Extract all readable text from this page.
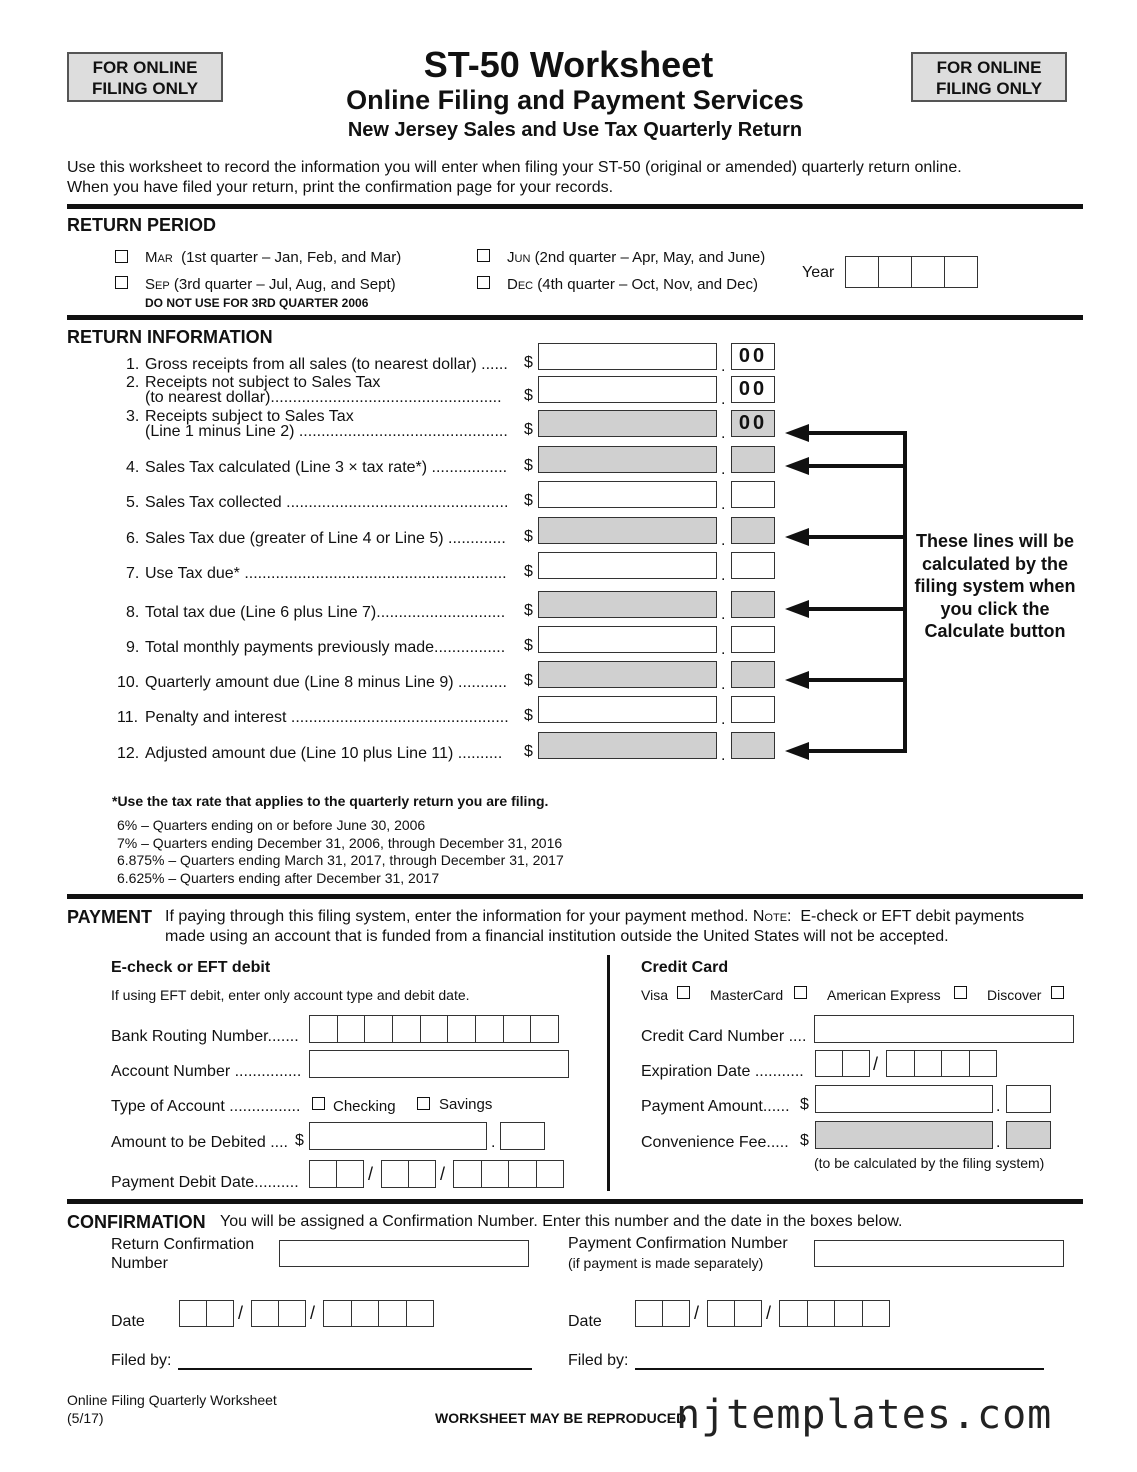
FOR ONLINE FILING ONLY
FOR ONLINE FILING ONLY
ST-50 Worksheet
Online Filing and Payment Services
New Jersey Sales and Use Tax Quarterly Return
Use this worksheet to record the information you will enter when filing your ST-50 (original or amended) quarterly return online.
When you have filed your return, print the confirmation page for your records.
RETURN PERIOD
Mar (1st quarter – Jan, Feb, and Mar)
Sep (3rd quarter – Jul, Aug, and Sept)
DO NOT USE FOR 3RD QUARTER 2006
Jun (2nd quarter – Apr, May, and June)
Dec (4th quarter – Oct, Nov, and Dec)
Year
RETURN INFORMATION
1. Gross receipts from all sales (to nearest dollar) ...... $	. 00
2. Receipts not subject to Sales Tax
(to nearest dollar).................................................... $	. 00
3. Receipts subject to Sales Tax
(Line 1 minus Line 2) ............................................... $	. 00
4. Sales Tax calculated (Line 3 × tax rate*) ................. $	.
5. Sales Tax collected .................................................. $	.
6. Sales Tax due (greater of Line 4 or Line 5) ............. $	.
7. Use Tax due* ........................................................... $	.
8. Total tax due (Line 6 plus Line 7)............................. $	.
9. Total monthly payments previously made................ $	.
10. Quarterly amount due (Line 8 minus Line 9) ........... $	.
11. Penalty and interest ................................................. $	.
12. Adjusted amount due (Line 10 plus Line 11) .......... $	.
These lines will be calculated by the filing system when you click the Calculate button
*Use the tax rate that applies to the quarterly return you are filing.
6% – Quarters ending on or before June 30, 2006
7% – Quarters ending December 31, 2006, through December 31, 2016
6.875% – Quarters ending March 31, 2017, through December 31, 2017
6.625% – Quarters ending after December 31, 2017
PAYMENT If paying through this filing system, enter the information for your payment method. Note: E-check or EFT debit payments
made using an account that is funded from a financial institution outside the United States will not be accepted.
E-check or EFT debit
If using EFT debit, enter only account type and debit date.
Bank Routing Number.......
Account Number ...............
Type of Account ................ Checking	Savings
Amount to be Debited .... $	.
Payment Debit Date..........	/	/
Credit Card
Visa	MasterCard	American Express	Discover
Credit Card Number ....
Expiration Date ...........	/
Payment Amount...... $	.
Convenience Fee..... $	.
(to be calculated by the filing system)
CONFIRMATION You will be assigned a Confirmation Number. Enter this number and the date in the boxes below.
Return Confirmation
Number
Payment Confirmation Number
(if payment is made separately)
Date	/	/	Date	/	/
Filed by:	Filed by:
Online Filing Quarterly Worksheet
(5/17)	WORKSHEET MAY BE REPRODUCED
njtemplates.com
